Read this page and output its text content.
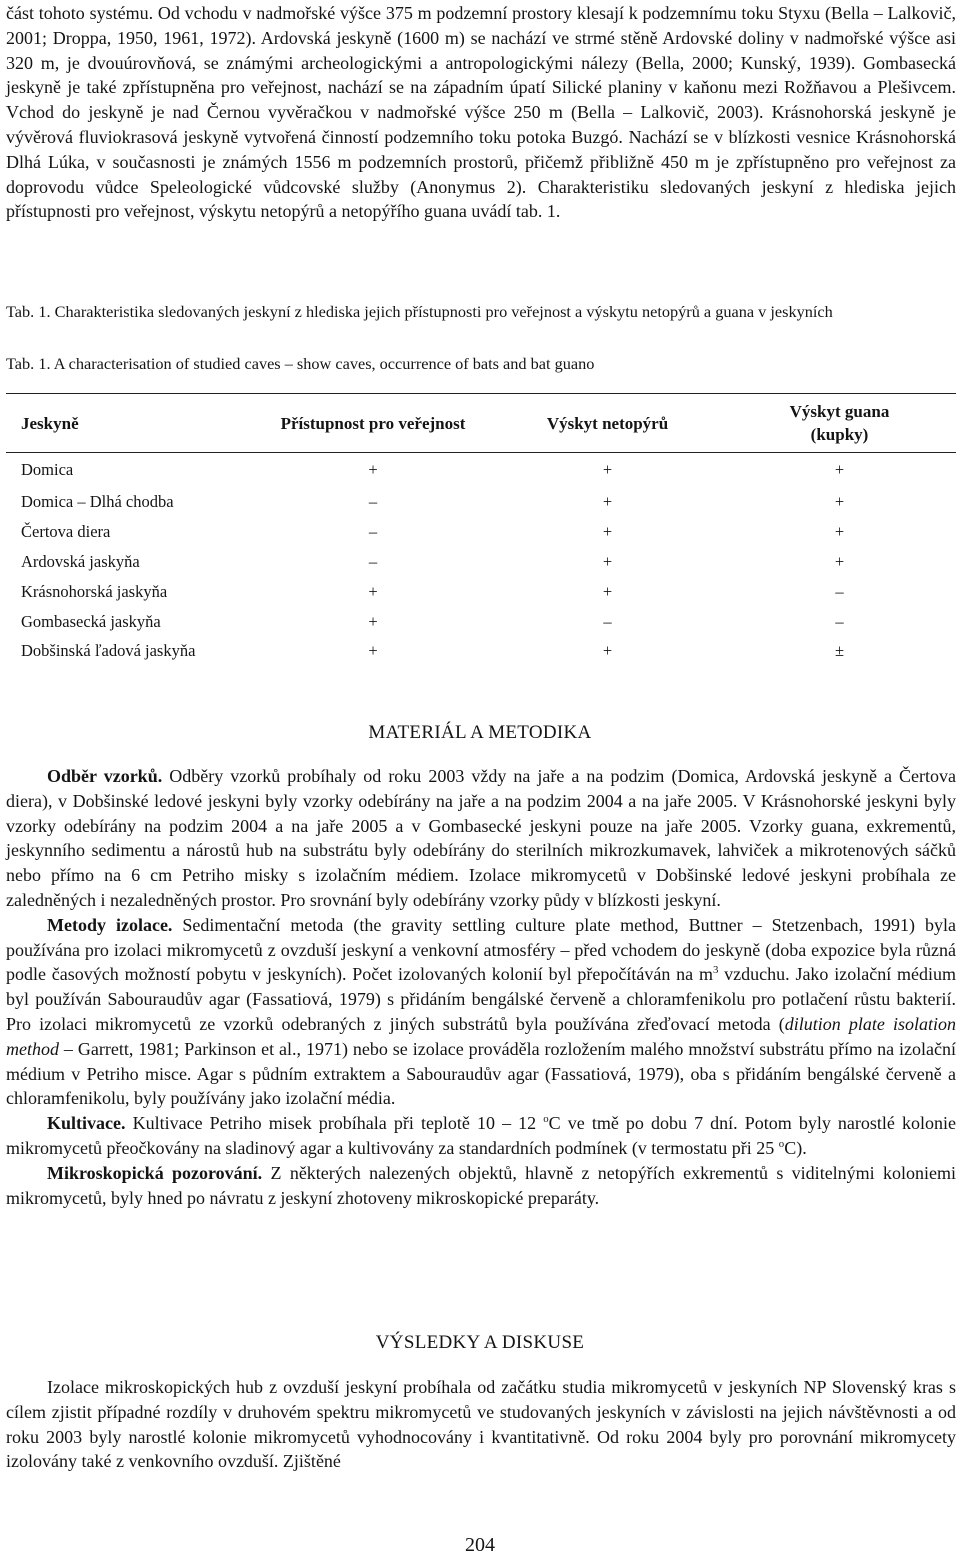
část tohoto systému. Od vchodu v nadmořské výšce 375 m podzemní prostory klesají k podzemnímu toku Styxu (Bella – Lalkovič, 2001; Droppa, 1950, 1961, 1972). Ardovská jeskyně (1600 m) se nachází ve strmé stěně Ardovské doliny v nadmořské výšce asi 320 m, je dvouúrovňová, se známými archeologickými a antropologickými nálezy (Bella, 2000; Kunský, 1939). Gombasecká jeskyně je také zpřístupněna pro veřejnost, nachází se na západním úpatí Silické planiny v kaňonu mezi Rožňavou a Plešivcem. Vchod do jeskyně je nad Černou vyvěračkou v nadmořské výšce 250 m (Bella – Lalkovič, 2003). Krásnohorská jeskyně je vývěrová fluviokrasová jeskyně vytvořená činností podzemního toku potoka Buzgó. Nachází se v blízkosti vesnice Krásnohorská Dlhá Lúka, v současnosti je známých 1556 m podzemních prostorů, přičemž přibližně 450 m je zpřístupněno pro veřejnost za doprovodu vůdce Speleologické vůdcovské služby (Anonymus 2). Charakteristiku sledovaných jeskyní z hlediska jejich přístupnosti pro veřejnost, výskytu netopýrů a netopýřího guana uvádí tab. 1.

Tab. 1. Charakteristika sledovaných jeskyní z hlediska jejich přístupnosti pro veřejnost a výskytu netopýrů a guana v jeskyních

Tab. 1. A characterisation of studied caves – show caves, occurrence of bats and bat guano

Jeskyně	Přístupnost pro veřejnost	Výskyt netopýrů	Výskyt guana (kupky)
Domica	+	+	+
Domica – Dlhá chodba	–	+	+
Čertova diera	–	+	+
Ardovská jaskyňa	–	+	+
Krásnohorská jaskyňa	+	+	–
Gombasecká jaskyňa	+	–	–
Dobšinská ľadová jaskyňa	+	+	±
MATERIÁL A METODIKA

Odběr vzorků. Odběry vzorků probíhaly od roku 2003 vždy na jaře a na podzim (Domica, Ardovská jeskyně a Čertova diera), v Dobšinské ledové jeskyni byly vzorky odebírány na jaře a na podzim 2004 a na jaře 2005. V Krásnohorské jeskyni byly vzorky odebírány na podzim 2004 a na jaře 2005 a v Gombasecké jeskyni pouze na jaře 2005. Vzorky guana, exkrementů, jeskynního sedimentu a nárostů hub na substrátu byly odebírány do sterilních mikrozkumavek, lahviček a mikrotenových sáčků nebo přímo na 6 cm Petriho misky s izolačním médiem. Izolace mikromycetů v Dobšinské ledové jeskyni probíhala ze zaledněných i nezaledněných prostor. Pro srovnání byly odebírány vzorky půdy v blízkosti jeskyní.

Metody izolace. Sedimentační metoda (the gravity settling culture plate method, Buttner – Stetzenbach, 1991) byla používána pro izolaci mikromycetů z ovzduší jeskyní a venkovní atmosféry – před vchodem do jeskyně (doba expozice byla různá podle časových možností pobytu v jeskyních). Počet izolovaných kolonií byl přepočítáván na $m^3$ vzduchu. Jako izolační médium byl používán Sabouraudův agar (Fassatiová, 1979) s přidáním bengálské červeně a chloramfenikolu pro potlačení růstu bakterií. Pro izolaci mikromycetů ze vzorků odebraných z jiných substrátů byla používána zřeďovací metoda (dilution plate isolation method – Garrett, 1981; Parkinson et al., 1971) nebo se izolace prováděla rozložením malého množství substrátu přímo na izolační médium v Petriho misce. Agar s půdním extraktem a Sabouraudův agar (Fassatiová, 1979), oba s přidáním bengálské červeně a chloramfenikolu, byly používány jako izolační média.

Kultivace. Kultivace Petriho misek probíhala při teplotě 10 – 12 $^o$C ve tmě po dobu 7 dní. Potom byly narostlé kolonie mikromycetů přeočkovány na sladinový agar a kultivovány za standardních podmínek (v termostatu při 25 $^o$C).

Mikroskopická pozorování. Z některých nalezených objektů, hlavně z netopýřích exkrementů s viditelnými koloniemi mikromycetů, byly hned po návratu z jeskyní zhotoveny mikroskopické preparáty.

VÝSLEDKY A DISKUSE

Izolace mikroskopických hub z ovzduší jeskyní probíhala od začátku studia mikromycetů v jeskyních NP Slovenský kras s cílem zjistit případné rozdíly v druhovém spektru mikromycetů ve studovaných jeskyních v závislosti na jejich návštěvnosti a od roku 2003 byly narostlé kolonie mikromycetů vyhodnocovány i kvantitativně. Od roku 2004 byly pro porovnání mikromycety izolovány také z venkovního ovzduší. Zjištěné

204
